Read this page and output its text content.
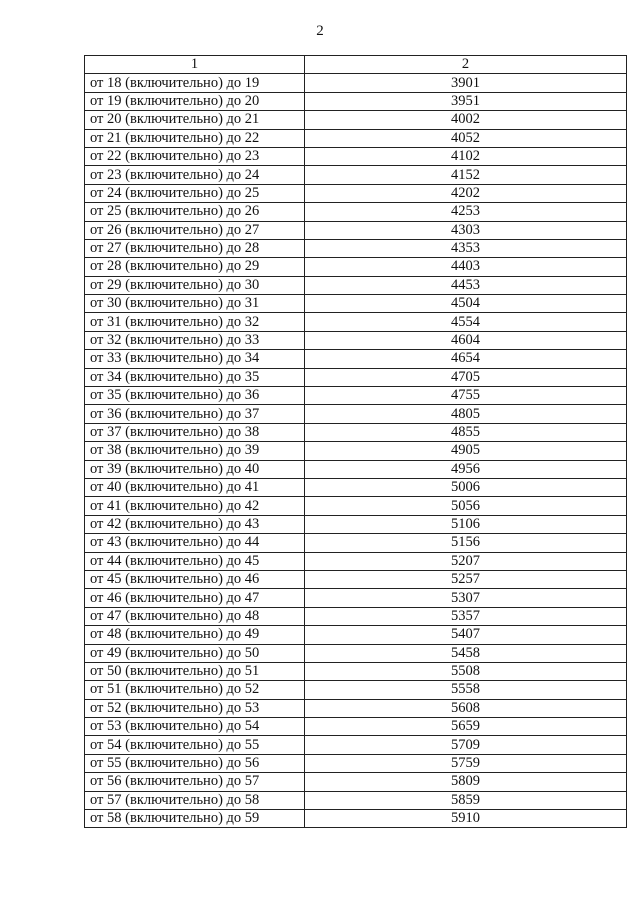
2
1	2
от 18 (включительно) до 19	3901
от 19 (включительно) до 20	3951
от 20 (включительно) до 21	4002
от 21 (включительно) до 22	4052
от 22 (включительно) до 23	4102
от 23 (включительно) до 24	4152
от 24 (включительно) до 25	4202
от 25 (включительно) до 26	4253
от 26 (включительно) до 27	4303
от 27 (включительно) до 28	4353
от 28 (включительно) до 29	4403
от 29 (включительно) до 30	4453
от 30 (включительно) до 31	4504
от 31 (включительно) до 32	4554
от 32 (включительно) до 33	4604
от 33 (включительно) до 34	4654
от 34 (включительно) до 35	4705
от 35 (включительно) до 36	4755
от 36 (включительно) до 37	4805
от 37 (включительно) до 38	4855
от 38 (включительно) до 39	4905
от 39 (включительно) до 40	4956
от 40 (включительно) до 41	5006
от 41 (включительно) до 42	5056
от 42 (включительно) до 43	5106
от 43 (включительно) до 44	5156
от 44 (включительно) до 45	5207
от 45 (включительно) до 46	5257
от 46 (включительно) до 47	5307
от 47 (включительно) до 48	5357
от 48 (включительно) до 49	5407
от 49 (включительно) до 50	5458
от 50 (включительно) до 51	5508
от 51 (включительно) до 52	5558
от 52 (включительно) до 53	5608
от 53 (включительно) до 54	5659
от 54 (включительно) до 55	5709
от 55 (включительно) до 56	5759
от 56 (включительно) до 57	5809
от 57 (включительно) до 58	5859
от 58 (включительно) до 59	5910
